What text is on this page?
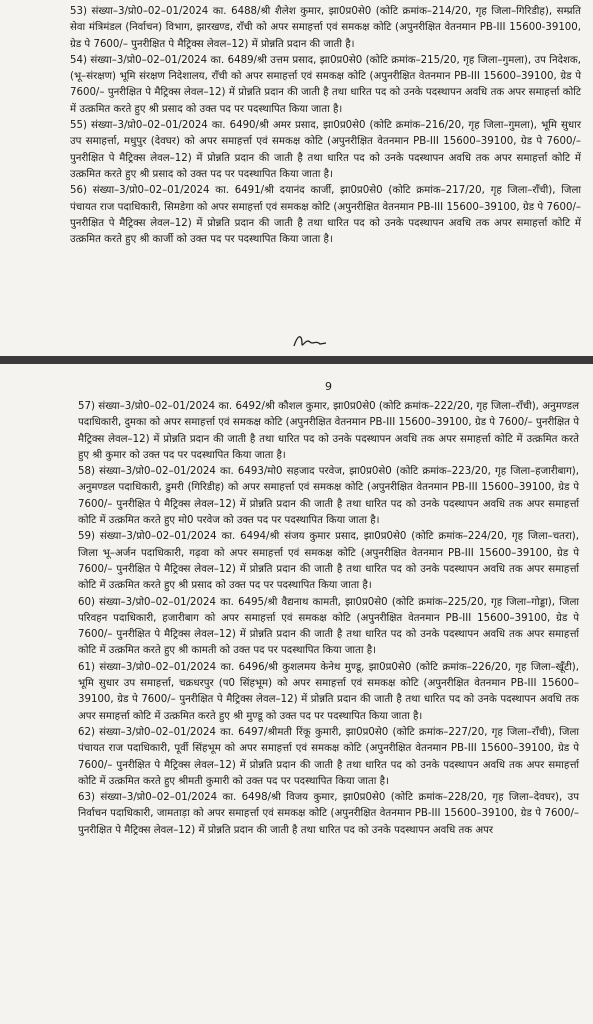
53) संख्या–3/प्रो0–02–01/2024 का. 6488/श्री शैलेश कुमार, झा0प्र0से0 (कोटि क्रमांक–214/20, गृह जिला–गिरिडीह), सम्प्रति सेवा मंत्रिमंडल (निर्वाचन) विभाग, झारखण्ड, राँची को अपर समाहर्त्ता एवं समकक्ष कोटि (अपुनरीक्षित वेतनमान PB-III 15600-39100, ग्रेड पे 7600/– पुनरीक्षित पे मैट्रिक्स लेवल–12) में प्रोन्नति प्रदान की जाती है।

54) संख्या–3/प्रो0–02–01/2024 का. 6489/श्री उत्तम प्रसाद, झा0प्र0से0 (कोटि क्रमांक–215/20, गृह जिला–गुमला), उप निदेशक, (भू–संरक्षण) भूमि संरक्षण निदेशालय, राँची को अपर समाहर्त्ता एवं समकक्ष कोटि (अपुनरीक्षित वेतनमान PB-III 15600–39100, ग्रेड पे 7600/– पुनरीक्षित पे मैट्रिक्स लेवल–12) में प्रोन्नति प्रदान की जाती है तथा धारित पद को उनके पदस्थापन अवधि तक अपर समाहर्त्ता कोटि में उत्क्रमित करते हुए श्री प्रसाद को उक्त पद पर पदस्थापित किया जाता है।

55) संख्या–3/प्रो0–02–01/2024 का. 6490/श्री अमर प्रसाद, झा0प्र0से0 (कोटि क्रमांक–216/20, गृह जिला–गुमला), भूमि सुधार उप समाहर्त्ता, मधुपुर (देवघर) को अपर समाहर्त्ता एवं समकक्ष कोटि (अपुनरीक्षित वेतनमान PB-III 15600–39100, ग्रेड पे 7600/– पुनरीक्षित पे मैट्रिक्स लेवल–12) में प्रोन्नति प्रदान की जाती है तथा धारित पद को उनके पदस्थापन अवधि तक अपर समाहर्त्ता कोटि में उत्क्रमित करते हुए श्री प्रसाद को उक्त पद पर पदस्थापित किया जाता है।

56) संख्या–3/प्रो0–02–01/2024 का. 6491/श्री दयानंद कार्जी, झा0प्र0से0 (कोटि क्रमांक–217/20, गृह जिला–राँची), जिला पंचायत राज पदाधिकारी, सिमडेगा को अपर समाहर्त्ता एवं समकक्ष कोटि (अपुनरीक्षित वेतनमान PB-III 15600–39100, ग्रेड पे 7600/– पुनरीक्षित पे मैट्रिक्स लेवल–12) में प्रोन्नति प्रदान की जाती है तथा धारित पद को उनके पदस्थापन अवधि तक अपर समाहर्त्ता कोटि में उत्क्रमित करते हुए श्री कार्जी को उक्त पद पर पदस्थापित किया जाता है।

9

57) संख्या–3/प्रो0–02–01/2024 का. 6492/श्री कौशल कुमार, झा0प्र0से0 (कोटि क्रमांक–222/20, गृह जिला–राँची), अनुमण्डल पदाधिकारी, दुमका को अपर समाहर्त्ता एवं समकक्ष कोटि (अपुनरीक्षित वेतनमान PB-III 15600–39100, ग्रेड पे 7600/– पुनरीक्षित पे मैट्रिक्स लेवल–12) में प्रोन्नति प्रदान की जाती है तथा धारित पद को उनके पदस्थापन अवधि तक अपर समाहर्त्ता कोटि में उत्क्रमित करते हुए श्री कुमार को उक्त पद पर पदस्थापित किया जाता है।

58) संख्या–3/प्रो0–02–01/2024 का. 6493/मो0 सहजाद परवेज, झा0प्र0से0 (कोटि क्रमांक–223/20, गृह जिला–हजारीबाग), अनुमण्डल पदाधिकारी, डुमरी (गिरिडीह) को अपर समाहर्त्ता एवं समकक्ष कोटि (अपुनरीक्षित वेतनमान PB-III 15600–39100, ग्रेड पे 7600/– पुनरीक्षित पे मैट्रिक्स लेवल–12) में प्रोन्नति प्रदान की जाती है तथा धारित पद को उनके पदस्थापन अवधि तक अपर समाहर्त्ता कोटि में उत्क्रमित करते हुए मो0 परवेज को उक्त पद पर पदस्थापित किया जाता है।

59) संख्या–3/प्रो0–02–01/2024 का. 6494/श्री संजय कुमार प्रसाद, झा0प्र0से0 (कोटि क्रमांक–224/20, गृह जिला–चतरा), जिला भू–अर्जन पदाधिकारी, गढ़वा को अपर समाहर्त्ता एवं समकक्ष कोटि (अपुनरीक्षित वेतनमान PB-III 15600–39100, ग्रेड पे 7600/– पुनरीक्षित पे मैट्रिक्स लेवल–12) में प्रोन्नति प्रदान की जाती है तथा धारित पद को उनके पदस्थापन अवधि तक अपर समाहर्त्ता कोटि में उत्क्रमित करते हुए श्री प्रसाद को उक्त पद पर पदस्थापित किया जाता है।

60) संख्या–3/प्रो0–02–01/2024 का. 6495/श्री वैद्यनाथ कामती, झा0प्र0से0 (कोटि क्रमांक–225/20, गृह जिला–गोड्डा), जिला परिवहन पदाधिकारी, हजारीबाग को अपर समाहर्त्ता एवं समकक्ष कोटि (अपुनरीक्षित वेतनमान PB-III 15600–39100, ग्रेड पे 7600/– पुनरीक्षित पे मैट्रिक्स लेवल–12) में प्रोन्नति प्रदान की जाती है तथा धारित पद को उनके पदस्थापन अवधि तक अपर समाहर्त्ता कोटि में उत्क्रमित करते हुए श्री कामती को उक्त पद पर पदस्थापित किया जाता है।

61) संख्या–3/प्रो0–02–01/2024 का. 6496/श्री कुशलमय केनेथ मुण्डू, झा0प्र0से0 (कोटि क्रमांक–226/20, गृह जिला–खूँटी), भूमि सुधार उप समाहर्त्ता, चक्रधरपुर (प0 सिंहभूम) को अपर समाहर्त्ता एवं समकक्ष कोटि (अपुनरीक्षित वेतनमान PB-III 15600–39100, ग्रेड पे 7600/– पुनरीक्षित पे मैट्रिक्स लेवल–12) में प्रोन्नति प्रदान की जाती है तथा धारित पद को उनके पदस्थापन अवधि तक अपर समाहर्त्ता कोटि में उत्क्रमित करते हुए श्री मुण्डू को उक्त पद पर पदस्थापित किया जाता है।

62) संख्या–3/प्रो0–02–01/2024 का. 6497/श्रीमती रिंकू कुमारी, झा0प्र0से0 (कोटि क्रमांक–227/20, गृह जिला–राँची), जिला पंचायत राज पदाधिकारी, पूर्वी सिंहभूम को अपर समाहर्त्ता एवं समकक्ष कोटि (अपुनरीक्षित वेतनमान PB-III 15600–39100, ग्रेड पे 7600/– पुनरीक्षित पे मैट्रिक्स लेवल–12) में प्रोन्नति प्रदान की जाती है तथा धारित पद को उनके पदस्थापन अवधि तक अपर समाहर्त्ता कोटि में उत्क्रमित करते हुए श्रीमती कुमारी को उक्त पद पर पदस्थापित किया जाता है।

63) संख्या–3/प्रो0–02–01/2024 का. 6498/श्री विजय कुमार, झा0प्र0से0 (कोटि क्रमांक–228/20, गृह जिला–देवघर), उप निर्वाचन पदाधिकारी, जामताड़ा को अपर समाहर्त्ता एवं समकक्ष कोटि (अपुनरीक्षित वेतनमान PB-III 15600–39100, ग्रेड पे 7600/– पुनरीक्षित पे मैट्रिक्स लेवल–12) में प्रोन्नति प्रदान की जाती है तथा धारित पद को उनके पदस्थापन अवधि तक अपर
